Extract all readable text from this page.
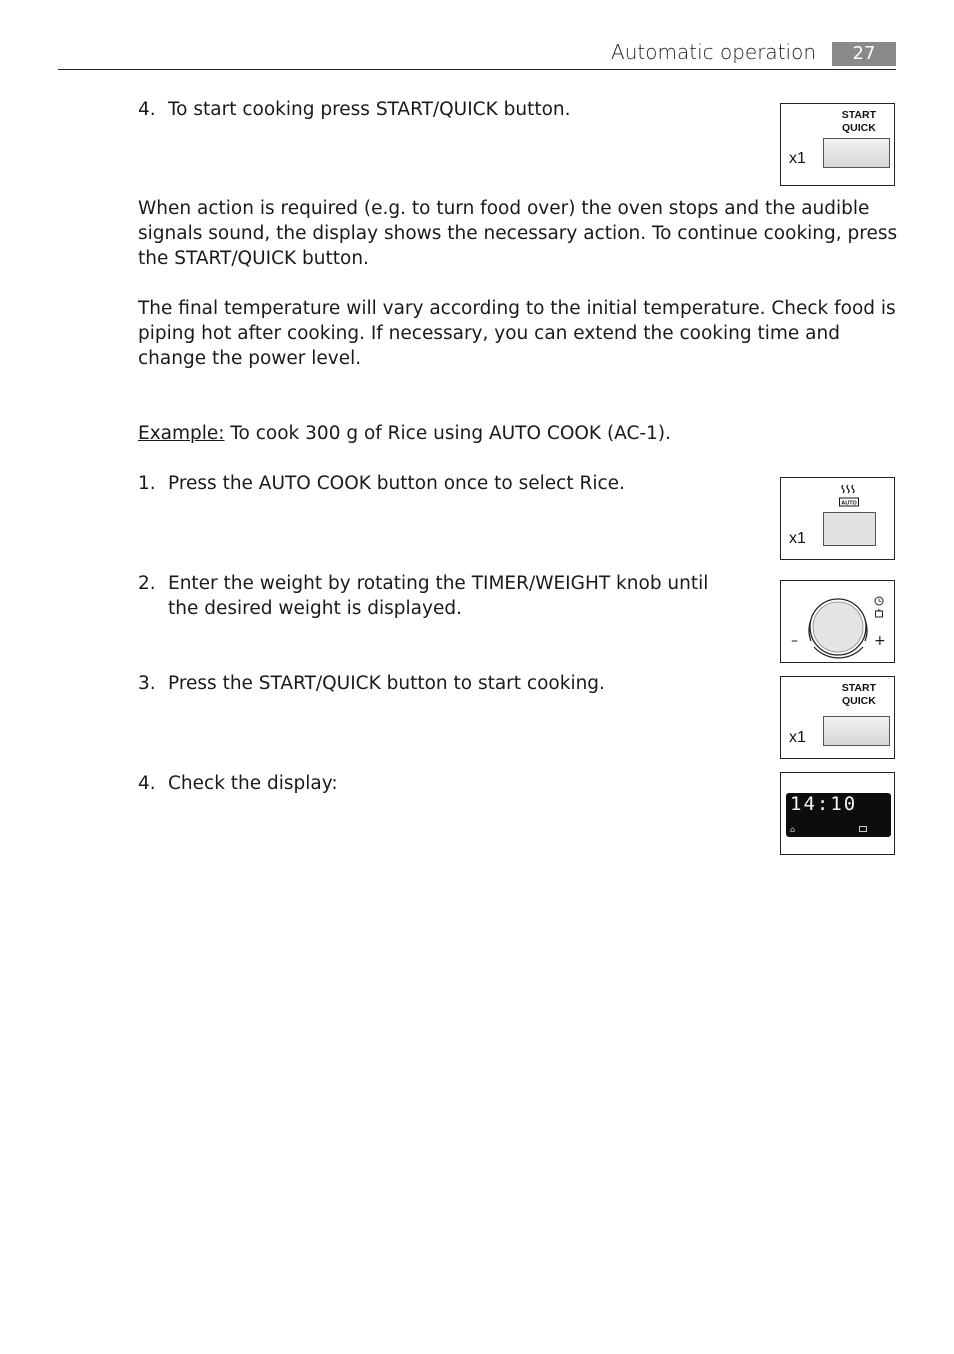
Automatic operation	27
4. To start cooking press START/QUICK button.	START
QUICK
x1
When action is required (e.g. to turn food over) the oven stops and the audible signals sound, the display shows the necessary action. To continue cooking, press the START/QUICK button.
The final temperature will vary according to the initial temperature. Check food is piping hot after cooking. If necessary, you can extend the cooking time and change the power level.
Example: To cook 300 g of Rice using AUTO COOK (AC-1).
1. Press the AUTO COOK button once to select Rice.
AUTO
x1
2. Enter the weight by rotating the TIMER/WEIGHT knob until the desired weight is displayed.
–	+
3. Press the START/QUICK button to start cooking.	START
QUICK
x1
4. Check the display:
14:10
⌂
